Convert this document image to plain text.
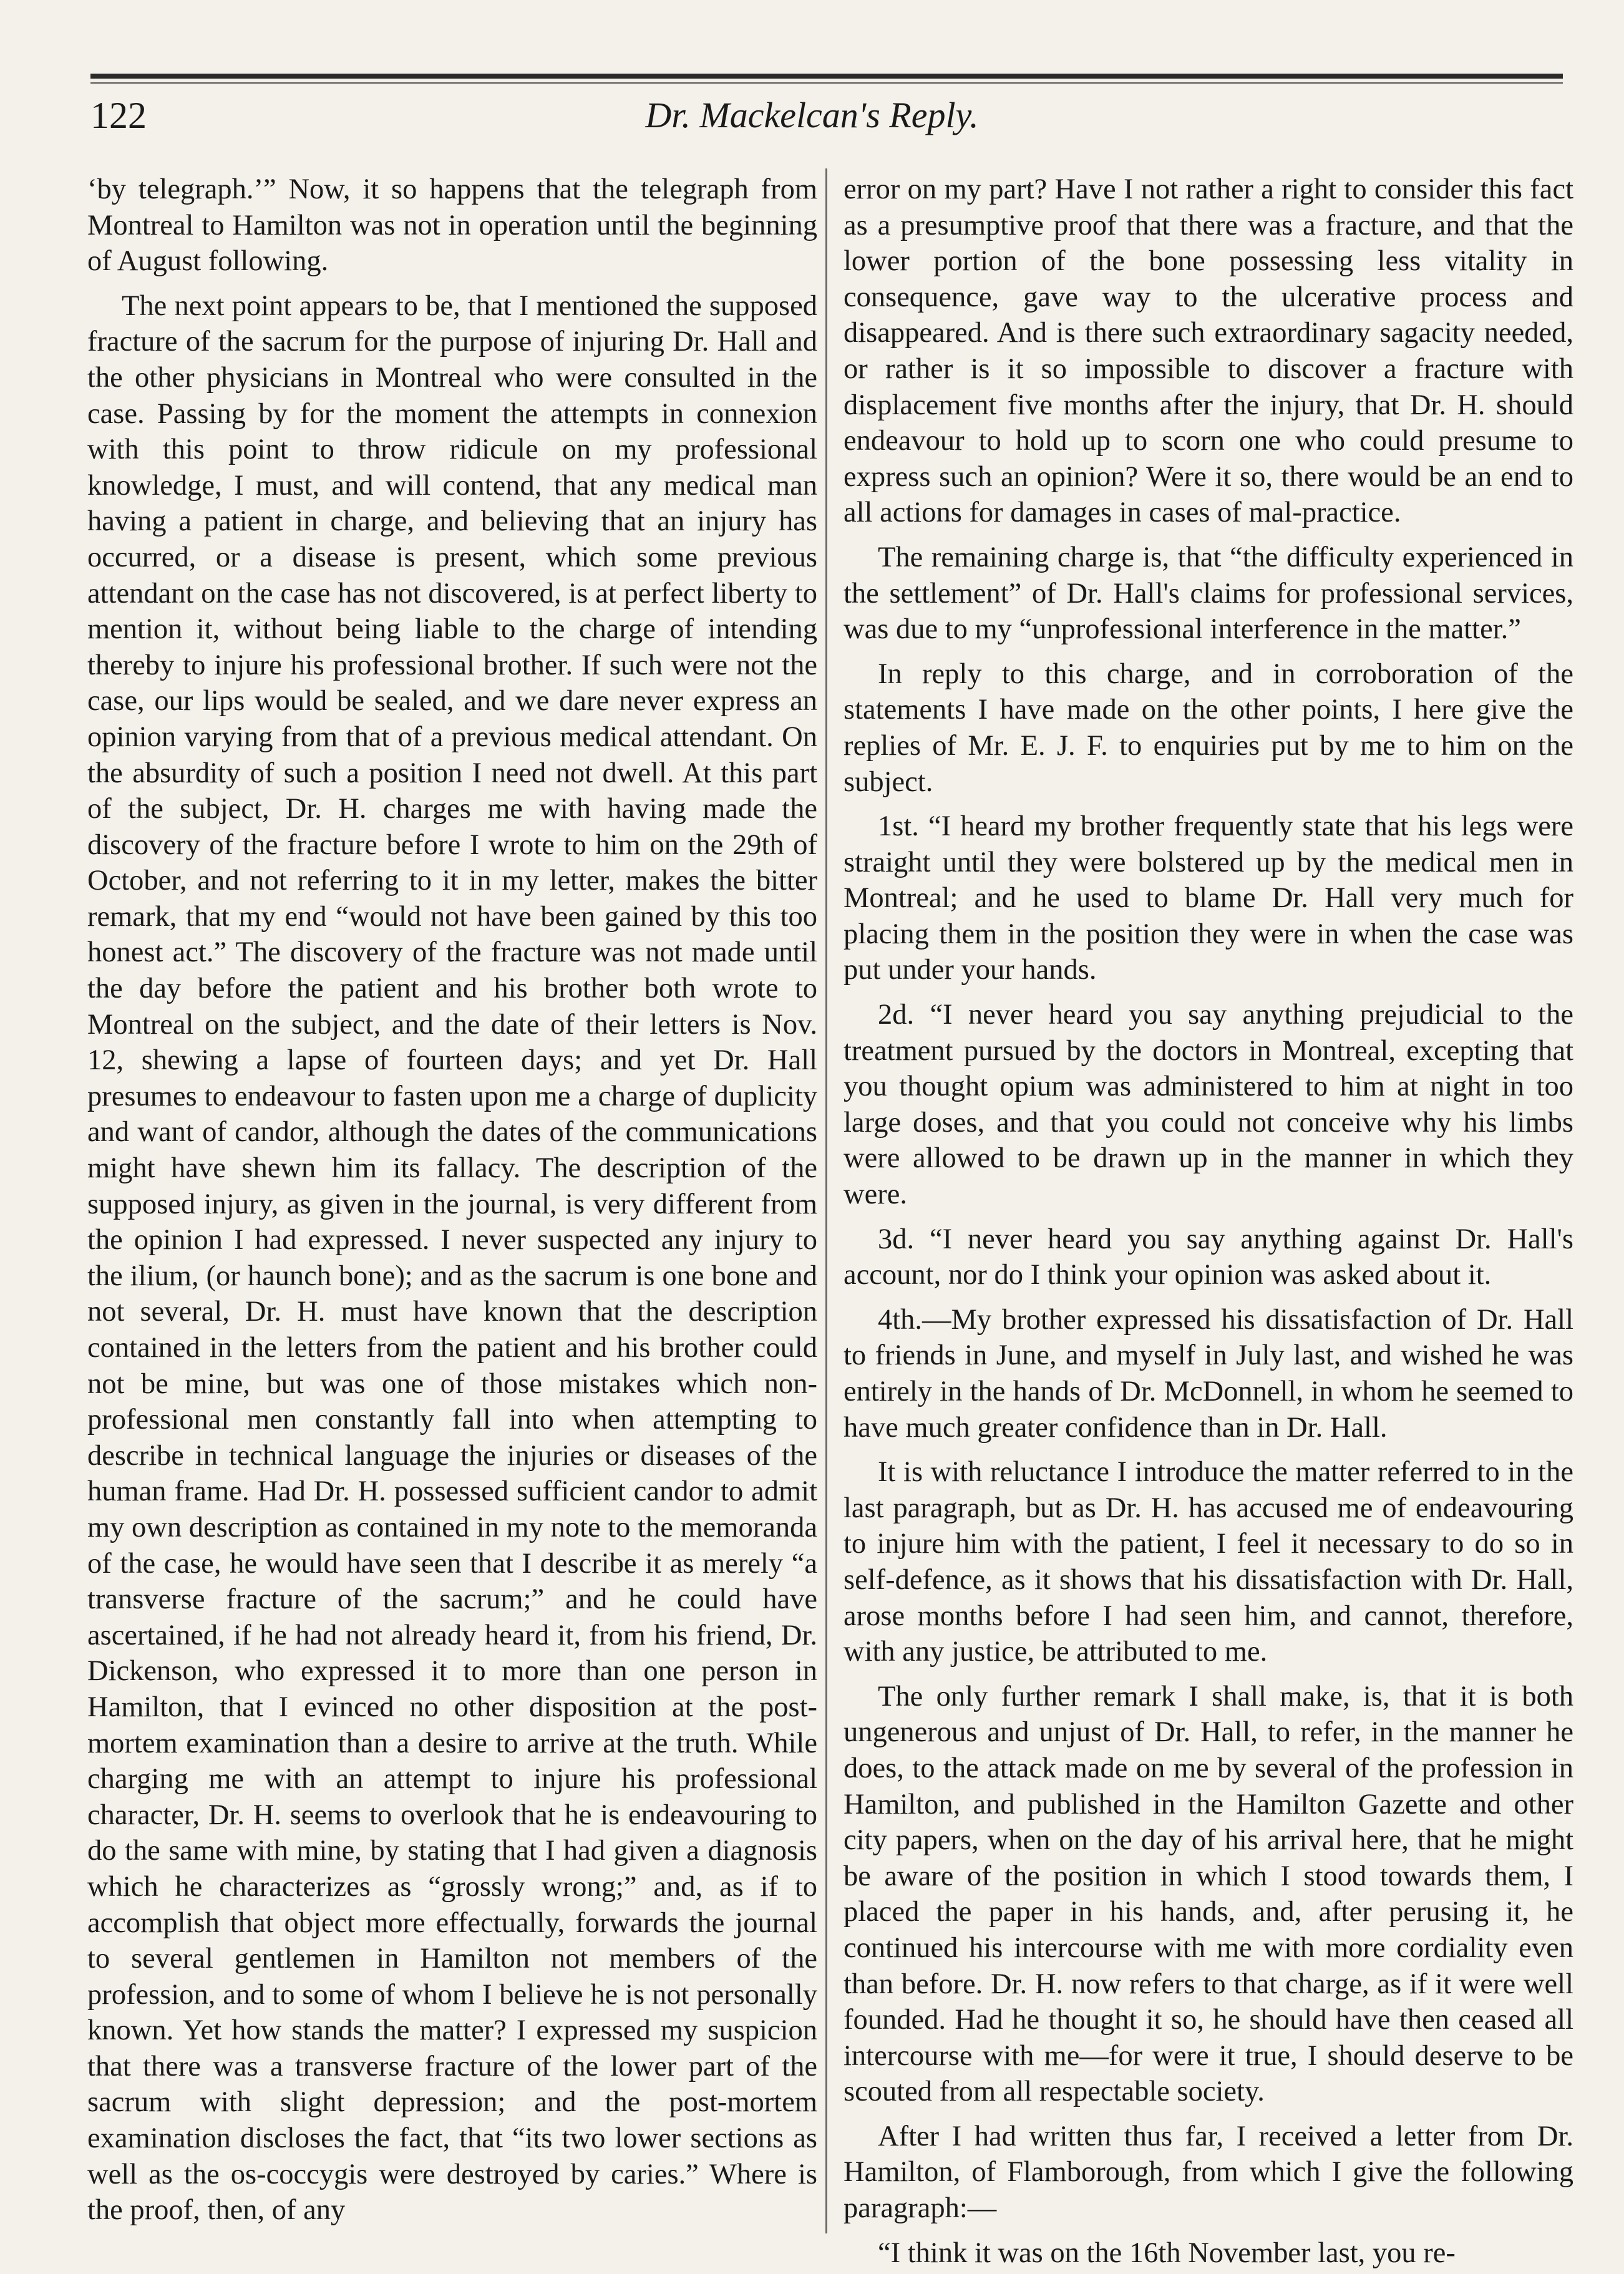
122	Dr. Mackelcan's Reply.

‘by telegraph.’” Now, it so happens that the telegraph from Montreal to Hamilton was not in operation until the beginning of August following.

The next point appears to be, that I mentioned the supposed fracture of the sacrum for the purpose of injuring Dr. Hall and the other physicians in Montreal who were consulted in the case. Passing by for the moment the attempts in connexion with this point to throw ridicule on my professional knowledge, I must, and will contend, that any medical man having a patient in charge, and believing that an injury has occurred, or a disease is present, which some previous attendant on the case has not discovered, is at perfect liberty to mention it, without being liable to the charge of intending thereby to injure his professional brother. If such were not the case, our lips would be sealed, and we dare never express an opinion varying from that of a previous medical attendant. On the absurdity of such a position I need not dwell. At this part of the subject, Dr. H. charges me with having made the discovery of the fracture before I wrote to him on the 29th of October, and not referring to it in my letter, makes the bitter remark, that my end “would not have been gained by this too honest act.” The discovery of the fracture was not made until the day before the patient and his brother both wrote to Montreal on the subject, and the date of their letters is Nov. 12, shewing a lapse of fourteen days; and yet Dr. Hall presumes to endeavour to fasten upon me a charge of duplicity and want of candor, although the dates of the communications might have shewn him its fallacy. The description of the supposed injury, as given in the journal, is very different from the opinion I had expressed. I never suspected any injury to the ilium, (or haunch bone); and as the sacrum is one bone and not several, Dr. H. must have known that the description contained in the letters from the patient and his brother could not be mine, but was one of those mistakes which non-professional men constantly fall into when attempting to describe in technical language the injuries or diseases of the human frame. Had Dr. H. possessed sufficient candor to admit my own description as contained in my note to the memoranda of the case, he would have seen that I describe it as merely “a transverse fracture of the sacrum;” and he could have ascertained, if he had not already heard it, from his friend, Dr. Dickenson, who expressed it to more than one person in Hamilton, that I evinced no other disposition at the post-mortem examination than a desire to arrive at the truth. While charging me with an attempt to injure his professional character, Dr. H. seems to overlook that he is endeavouring to do the same with mine, by stating that I had given a diagnosis which he characterizes as “grossly wrong;” and, as if to accomplish that object more effectually, forwards the journal to several gentlemen in Hamilton not members of the profession, and to some of whom I believe he is not personally known. Yet how stands the matter? I expressed my suspicion that there was a transverse fracture of the lower part of the sacrum with slight depression; and the post-mortem examination discloses the fact, that “its two lower sections as well as the os-coccygis were destroyed by caries.” Where is the proof, then, of any

error on my part? Have I not rather a right to consider this fact as a presumptive proof that there was a fracture, and that the lower portion of the bone possessing less vitality in consequence, gave way to the ulcerative process and disappeared. And is there such extraordinary sagacity needed, or rather is it so impossible to discover a fracture with displacement five months after the injury, that Dr. H. should endeavour to hold up to scorn one who could presume to express such an opinion? Were it so, there would be an end to all actions for damages in cases of mal-practice.

The remaining charge is, that “the difficulty experienced in the settlement” of Dr. Hall's claims for professional services, was due to my “unprofessional interference in the matter.”

In reply to this charge, and in corroboration of the statements I have made on the other points, I here give the replies of Mr. E. J. F. to enquiries put by me to him on the subject.

1st. “I heard my brother frequently state that his legs were straight until they were bolstered up by the medical men in Montreal; and he used to blame Dr. Hall very much for placing them in the position they were in when the case was put under your hands.

2d. “I never heard you say anything prejudicial to the treatment pursued by the doctors in Montreal, excepting that you thought opium was administered to him at night in too large doses, and that you could not conceive why his limbs were allowed to be drawn up in the manner in which they were.

3d. “I never heard you say anything against Dr. Hall's account, nor do I think your opinion was asked about it.

4th.—My brother expressed his dissatisfaction of Dr. Hall to friends in June, and myself in July last, and wished he was entirely in the hands of Dr. McDonnell, in whom he seemed to have much greater confidence than in Dr. Hall.

It is with reluctance I introduce the matter referred to in the last paragraph, but as Dr. H. has accused me of endeavouring to injure him with the patient, I feel it necessary to do so in self-defence, as it shows that his dissatisfaction with Dr. Hall, arose months before I had seen him, and cannot, therefore, with any justice, be attributed to me.

The only further remark I shall make, is, that it is both ungenerous and unjust of Dr. Hall, to refer, in the manner he does, to the attack made on me by several of the profession in Hamilton, and published in the Hamilton Gazette and other city papers, when on the day of his arrival here, that he might be aware of the position in which I stood towards them, I placed the paper in his hands, and, after perusing it, he continued his intercourse with me with more cordiality even than before. Dr. H. now refers to that charge, as if it were well founded. Had he thought it so, he should have then ceased all intercourse with me—for were it true, I should deserve to be scouted from all respectable society.

After I had written thus far, I received a letter from Dr. Hamilton, of Flamborough, from which I give the following paragraph:—

“I think it was on the 16th November last, you re-
